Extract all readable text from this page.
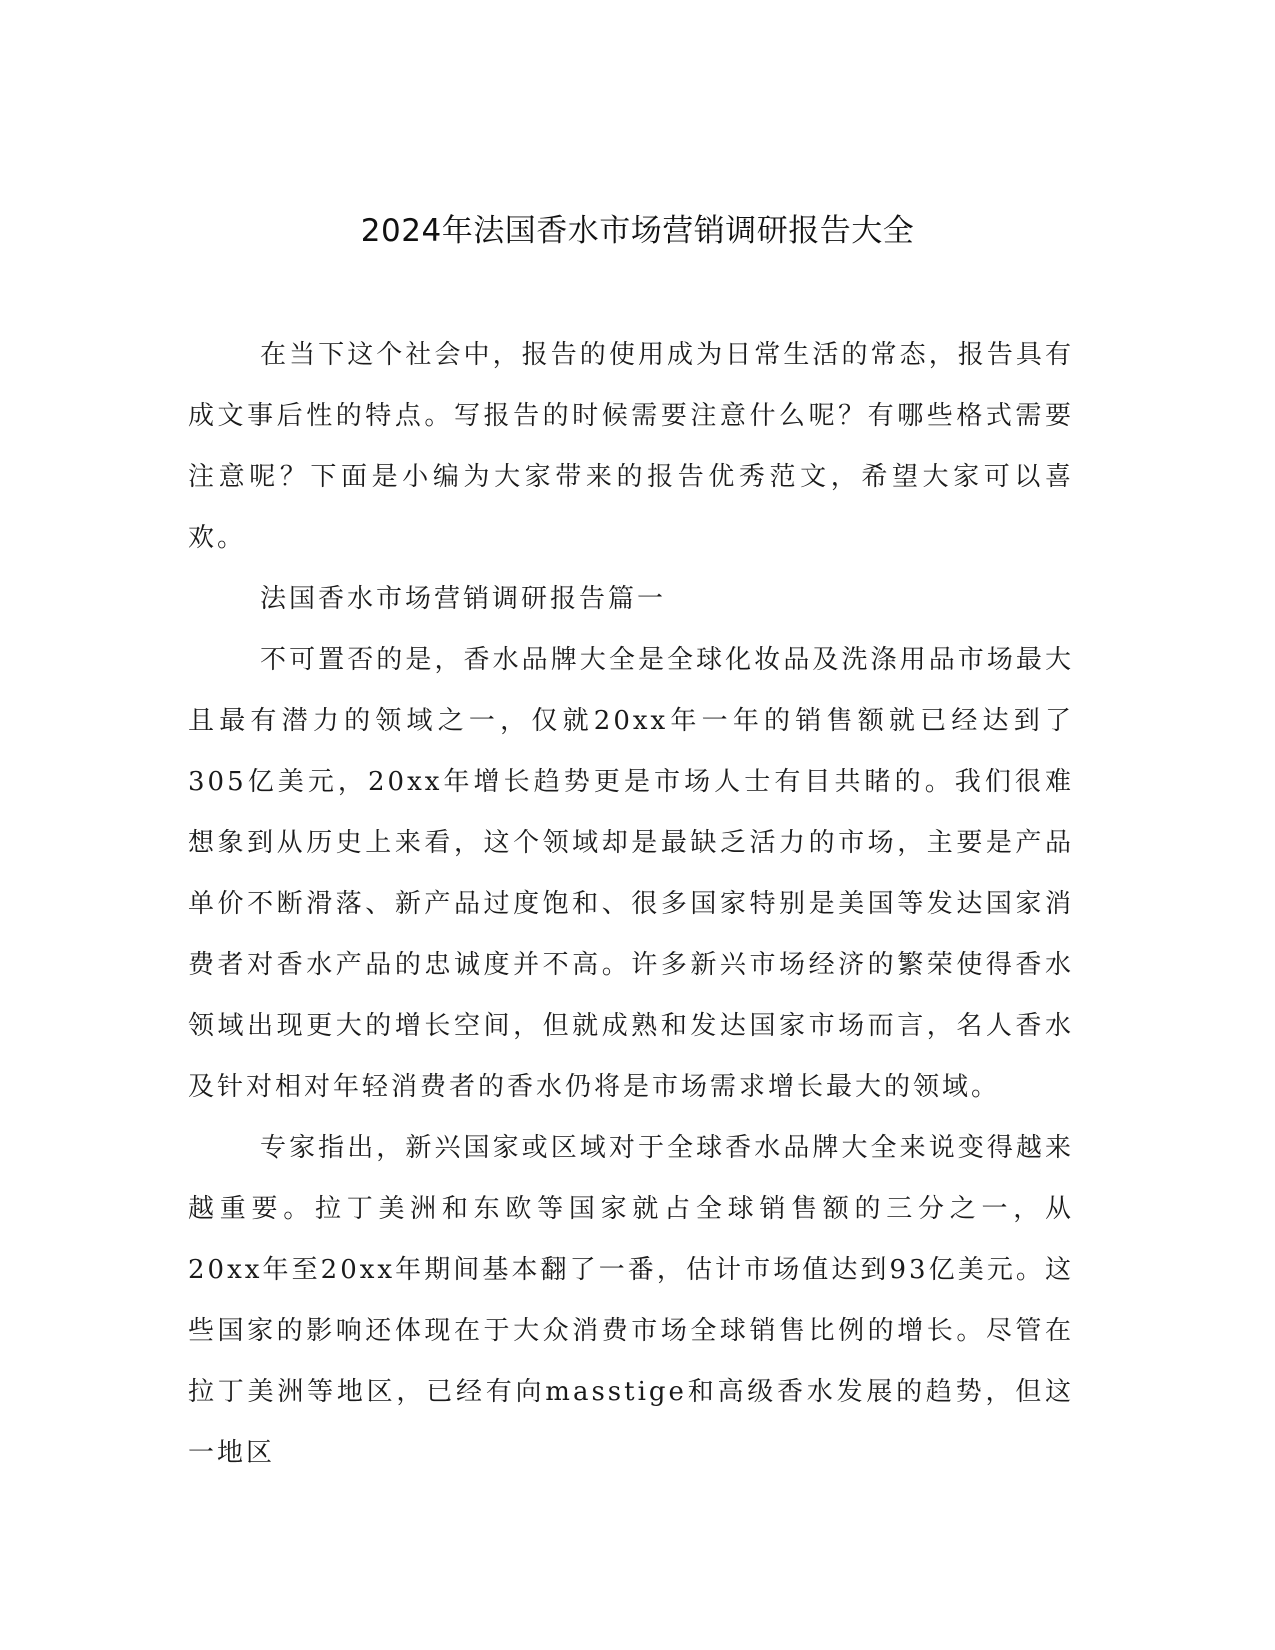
2024年法国香水市场营销调研报告大全

在当下这个社会中，报告的使用成为日常生活的常态，报告具有成文事后性的特点。写报告的时候需要注意什么呢？有哪些格式需要注意呢？下面是小编为大家带来的报告优秀范文，希望大家可以喜欢。

法国香水市场营销调研报告篇一

不可置否的是，香水品牌大全是全球化妆品及洗涤用品市场最大且最有潜力的领域之一，仅就20xx年一年的销售额就已经达到了305亿美元，20xx年增长趋势更是市场人士有目共睹的。我们很难想象到从历史上来看，这个领域却是最缺乏活力的市场，主要是产品单价不断滑落、新产品过度饱和、很多国家特别是美国等发达国家消费者对香水产品的忠诚度并不高。许多新兴市场经济的繁荣使得香水领域出现更大的增长空间，但就成熟和发达国家市场而言，名人香水及针对相对年轻消费者的香水仍将是市场需求增长最大的领域。

专家指出，新兴国家或区域对于全球香水品牌大全来说变得越来越重要。拉丁美洲和东欧等国家就占全球销售额的三分之一，从20xx年至20xx年期间基本翻了一番，估计市场值达到93亿美元。这些国家的影响还体现在于大众消费市场全球销售比例的增长。尽管在拉丁美洲等地区，已经有向masstige和高级香水发展的趋势，但这一地区
